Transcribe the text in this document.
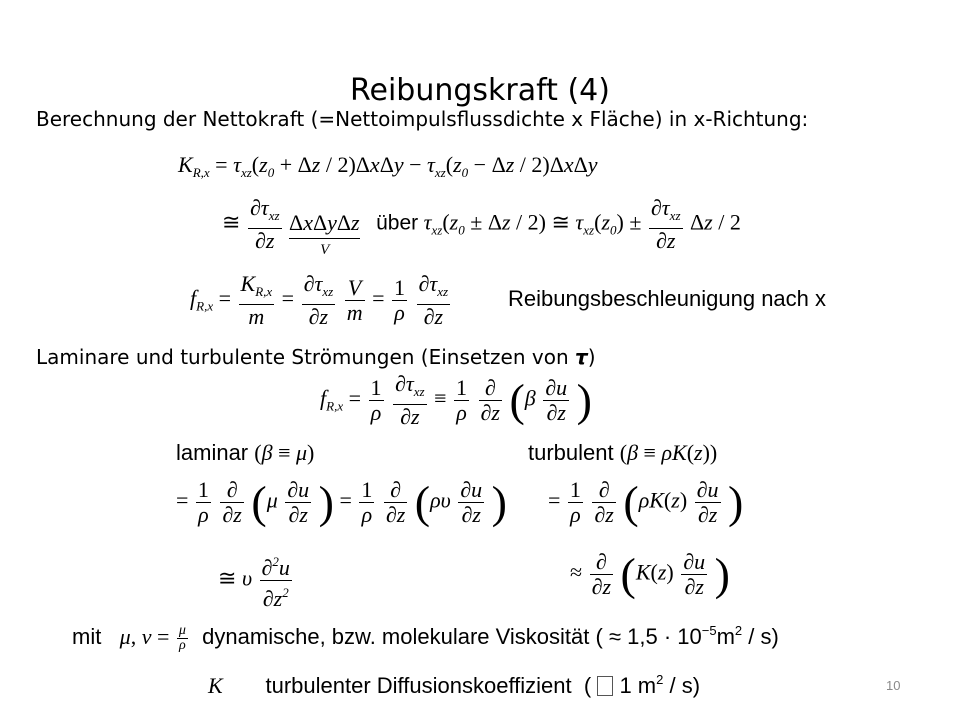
Reibungskraft (4)
Berechnung der Nettokraft (=Nettoimpulsflussdichte x Fläche) in x-Richtung:
$K_{R,x} = \tau_{xz}(z_0 + \Delta z / 2)\Delta x\Delta y - \tau_{xz}(z_0 - \Delta z / 2)\Delta x\Delta y$
≅ $\frac{\partial\tau_{xz}}{\partial z}$ ΔxΔyΔz
V
über $\tau_{xz}(z_0 \pm \Delta z / 2)$ ≅ $\tau_{xz}(z_0) \pm \frac{\partial\tau_{xz}}{\partial z}$ Δz / 2
$f_{R,x} = \frac{K_{R,x}}{m} = \frac{\partial\tau_{xz}}{\partial z}$
$\frac{V}{m} = \frac{1}{\rho}$
$\frac{\partial\tau_{xz}}{\partial z}$	Reibungsbeschleunigung nach x
Laminare und turbulente Strömungen (Einsetzen von τ)
$f_{R,x} = \frac{1}{\rho}$
$\frac{\partial\tau_{xz}}{\partial z} \equiv \frac{1}{\rho}$
$\frac{\partial}{\partial z} (\beta \frac{\partial u}{\partial z}$ )
laminar (β ≡ μ)	turbulent (β ≡ ρK(z))
= $\frac{1}{\rho}$
$\frac{\partial}{\partial z} (\mu \frac{\partial u}{\partial z}$ ) = $\frac{1}{\rho}$
$\frac{\partial}{\partial z} (\rho\upsilon \frac{\partial u}{\partial z}$ ) = $\frac{1}{\rho}$
$\frac{\partial}{\partial z} (\rho K(z) \frac{\partial u}{\partial z}$ )
≅ υ $\frac{\partial^2u}{\partial z^2}$	≈ $\frac{\partial}{\partial z} (K(z) \frac{\partial u}{\partial z}$ )
mit μ, $\nu = \frac{\mu}{\rho}$ dynamische, bzw. molekulare Viskosität ( ≈ $1,5 \cdot 10^{-5}m^2 / s$)
K turbulenter Diffusionskoeffizient (  1 $m^2 / s$)	10
